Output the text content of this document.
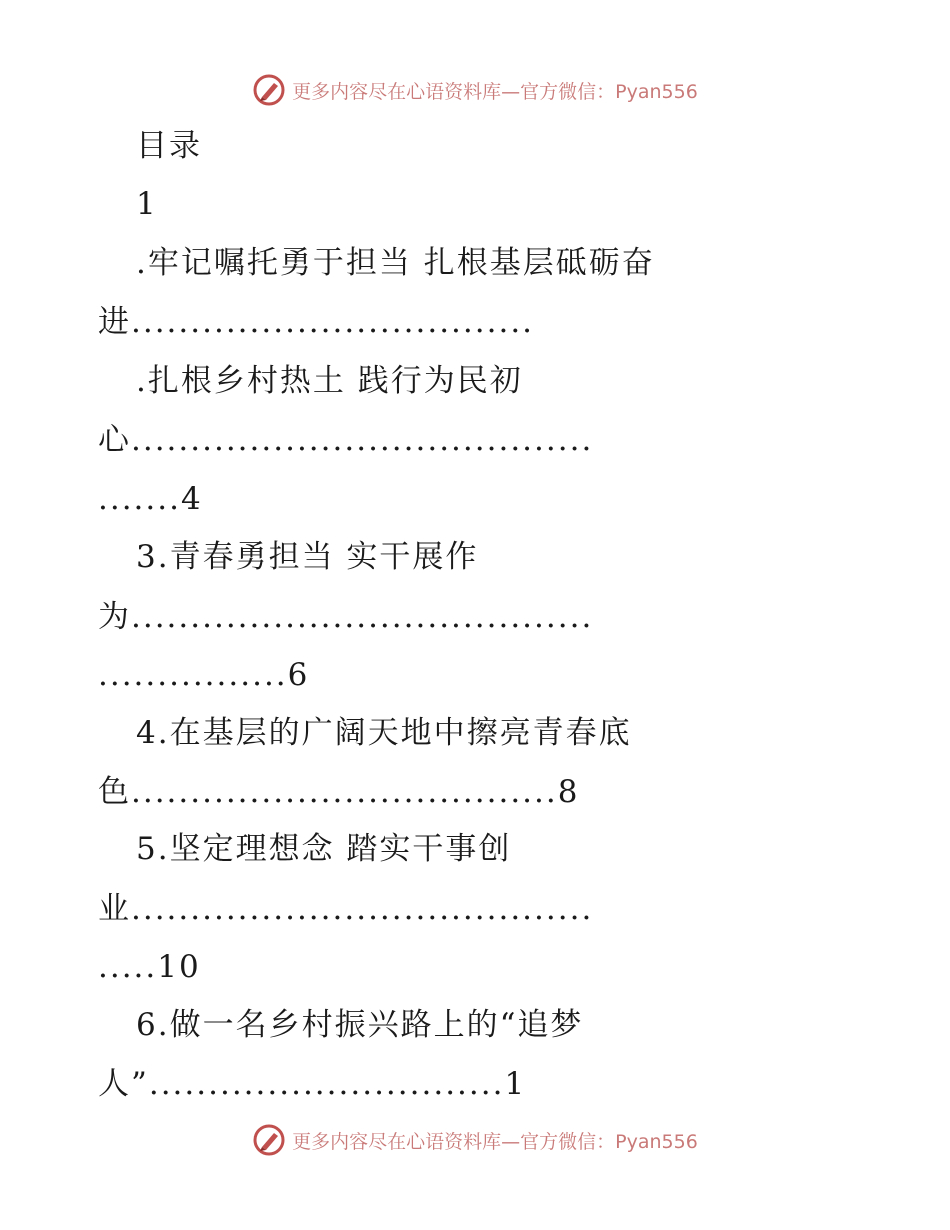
更多内容尽在心语资料库—官方微信：Pyan556
目录
1
.牢记嘱托勇于担当 扎根基层砥砺奋
进..................................
.扎根乡村热土 践行为民初
心.......................................
.......4
3.青春勇担当 实干展作
为.......................................
................6
4.在基层的广阔天地中擦亮青春底
色....................................8
5.坚定理想念 踏实干事创
业.......................................
.....10
6.做一名乡村振兴路上的“追梦
人”..............................1
更多内容尽在心语资料库—官方微信：Pyan556
